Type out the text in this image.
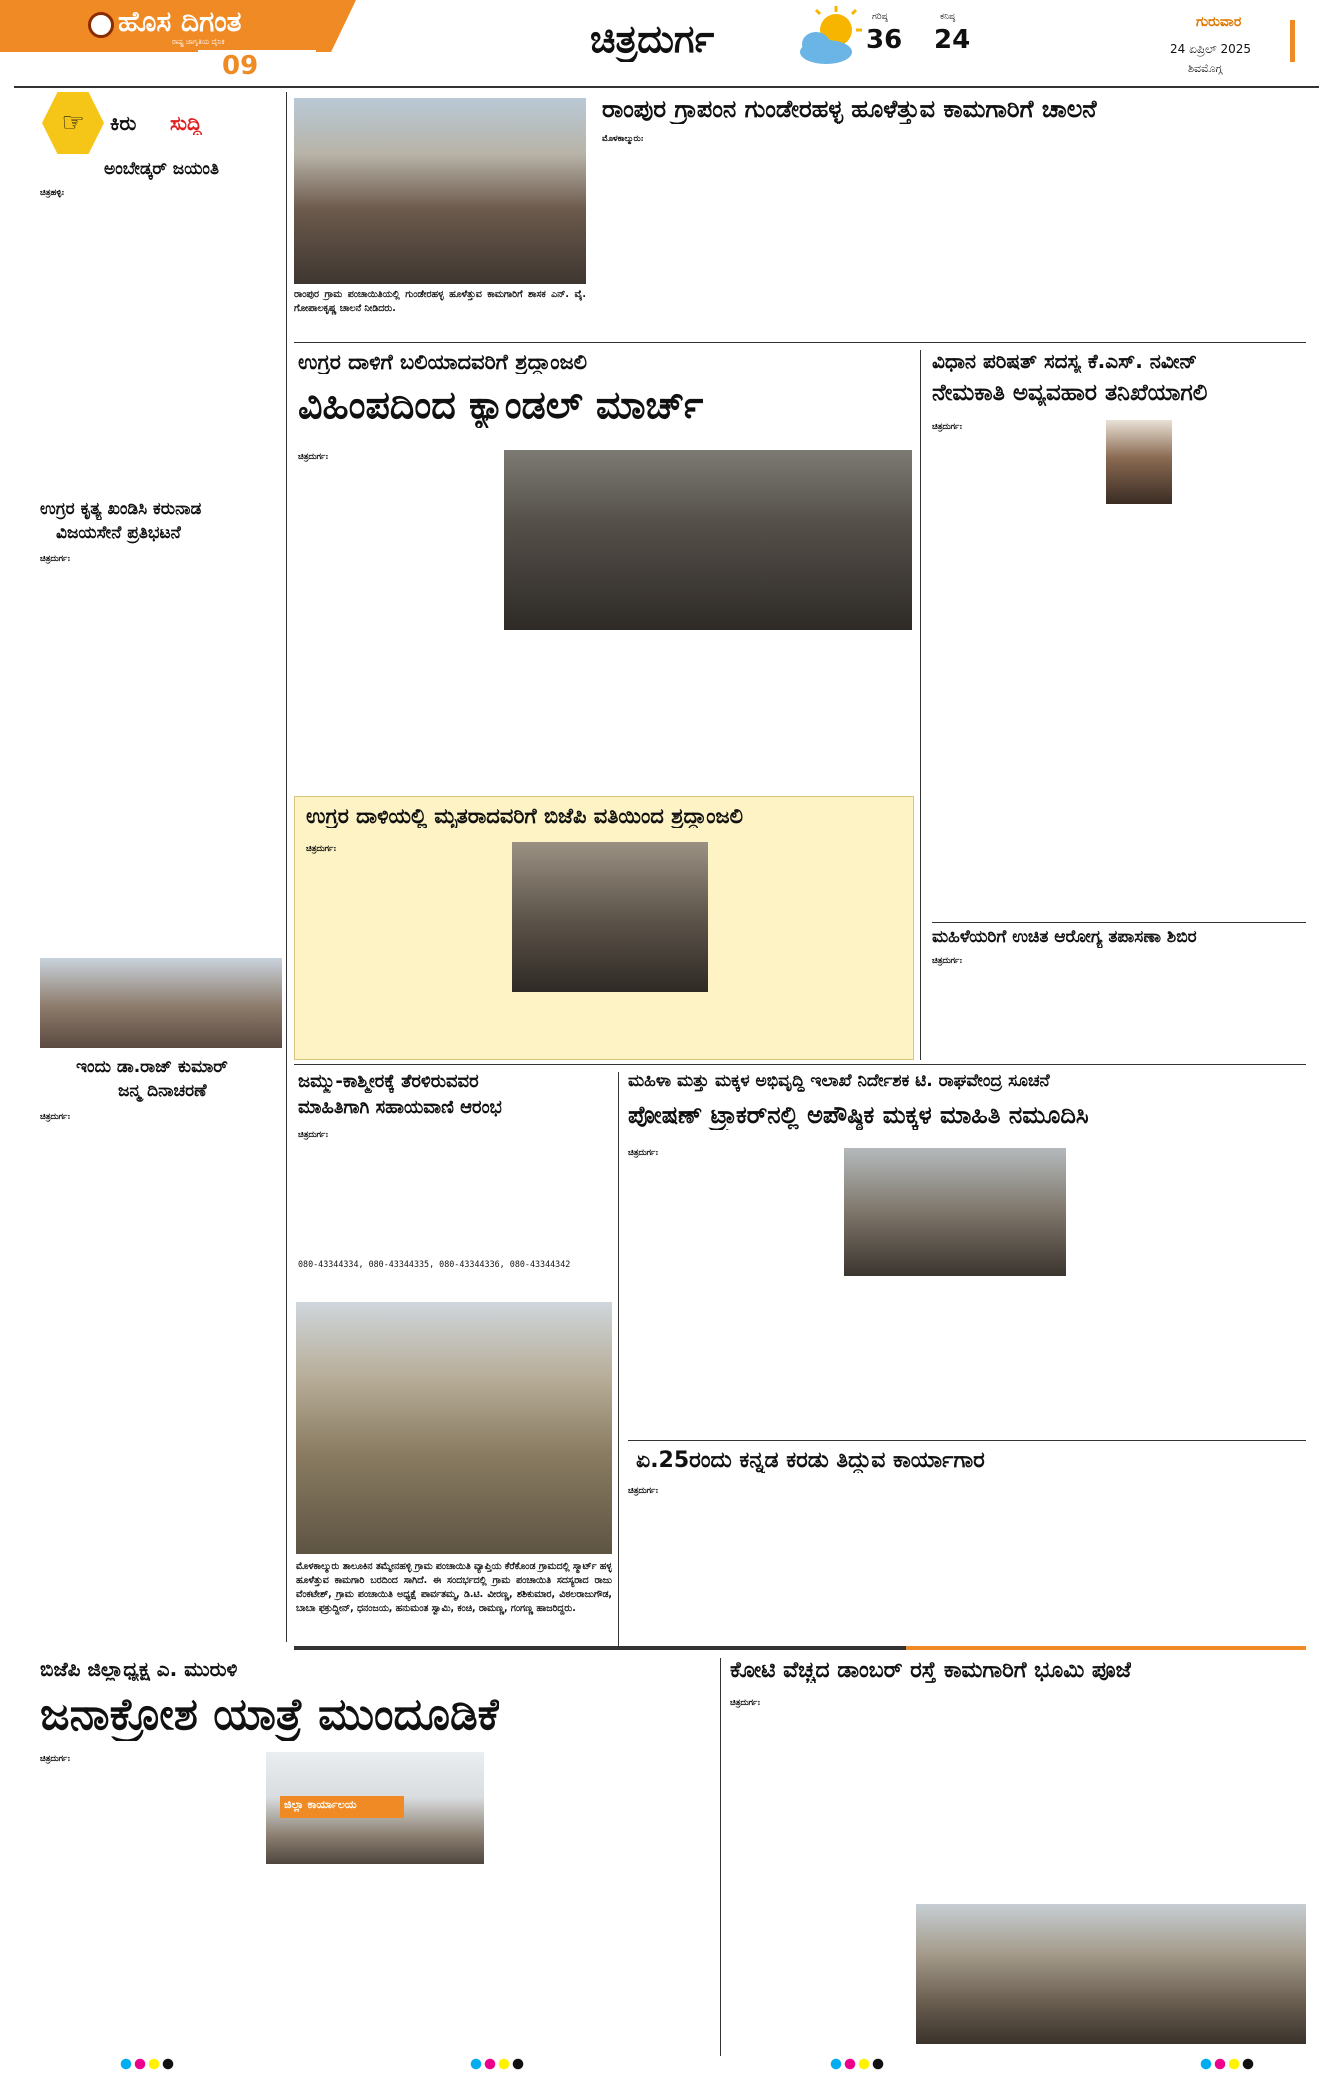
ಹೊಸ ದಿಗಂತ
ರಾಷ್ಟ್ರ ಜಾಗೃತಿಯ ದೈನಿಕ
09
ಚಿತ್ರದುರ್ಗ	ಗರಿಷ್ಠ
36
ಕನಿಷ್ಠ
24
ಗುರುವಾರ
24 ಏಪ್ರಿಲ್ 2025
ಶಿವಮೊಗ್ಗ
☞ ಕಿರು ಸುದ್ದಿ
ಅಂಬೇಡ್ಕರ್ ಜಯಂತಿ
ಚಿತ್ರಹಳ್ಳಿ:
ಉಗ್ರರ ಕೃತ್ಯ ಖಂಡಿಸಿ ಕರುನಾಡ
ವಿಜಯಸೇನೆ ಪ್ರತಿಭಟನೆ
ಚಿತ್ರದುರ್ಗ:
ಇಂದು ಡಾ.ರಾಜ್ ಕುಮಾರ್
ಜನ್ಮ ದಿನಾಚರಣೆ
ಚಿತ್ರದುರ್ಗ:
ರಾಂಪುರ ಗ್ರಾಮ ಪಂಚಾಯಿತಿಯಲ್ಲಿ ಗುಂಡೇರಹಳ್ಳ ಹೂಳೆತ್ತುವ ಕಾಮಗಾರಿಗೆ ಶಾಸಕ ಎನ್. ವೈ. ಗೋಪಾಲಕೃಷ್ಣ ಚಾಲನೆ ನೀಡಿದರು.
ರಾಂಪುರ ಗ್ರಾಪಂನ ಗುಂಡೇರಹಳ್ಳ ಹೂಳೆತ್ತುವ ಕಾಮಗಾರಿಗೆ ಚಾಲನೆ
ಮೊಳಕಾಲ್ಮುರು:
ಉಗ್ರರ ದಾಳಿಗೆ ಬಲಿಯಾದವರಿಗೆ ಶ್ರದ್ಧಾಂಜಲಿ
ವಿಹಿಂಪದಿಂದ ಕ್ಯಾಂಡಲ್ ಮಾರ್ಚ್
ಚಿತ್ರದುರ್ಗ:
ಉಗ್ರರ ದಾಳಿಯಲ್ಲಿ ಮೃತರಾದವರಿಗೆ ಬಿಜೆಪಿ ವತಿಯಿಂದ ಶ್ರದ್ಧಾಂಜಲಿ
ಚಿತ್ರದುರ್ಗ:
ವಿಧಾನ ಪರಿಷತ್ ಸದಸ್ಯ ಕೆ.ಎಸ್. ನವೀನ್
ನೇಮಕಾತಿ ಅವ್ಯವಹಾರ ತನಿಖೆಯಾಗಲಿ
ಚಿತ್ರದುರ್ಗ:
ಮಹಿಳೆಯರಿಗೆ ಉಚಿತ ಆರೋಗ್ಯ ತಪಾಸಣಾ ಶಿಬಿರ
ಚಿತ್ರದುರ್ಗ:
ಜಮ್ಮು-ಕಾಶ್ಮೀರಕ್ಕೆ ತೆರಳಿರುವವರ
ಮಾಹಿತಿಗಾಗಿ ಸಹಾಯವಾಣಿ ಆರಂಭ
ಚಿತ್ರದುರ್ಗ:
080-43344334, 080-43344335, 080-43344336, 080-43344342
ಮೊಳಕಾಲ್ಮುರು ತಾಲೂಕಿನ ತಮ್ಮೇನಹಳ್ಳಿ ಗ್ರಾಮ ಪಂಚಾಯಿತಿ ವ್ಯಾಪ್ತಿಯ ಕೆರೆಕೊಂಡ ಗ್ರಾಮದಲ್ಲಿ ಸ್ಮಾರ್ಟ್ ಹಳ್ಳ ಹೂಳೆತ್ತುವ ಕಾಮಗಾರಿ ಬರದಿಂದ ಸಾಗಿದೆ. ಈ ಸಂದರ್ಭದಲ್ಲಿ ಗ್ರಾಮ ಪಂಚಾಯಿತಿ ಸದಸ್ಯರಾದ ರಾಜು ವೆಂಕಟೇಶ್, ಗ್ರಾಮ ಪಂಚಾಯಿತಿ ಅಧ್ಯಕ್ಷೆ ಪಾರ್ವತಮ್ಮ, ಡಿ.ಟಿ. ವೀರಣ್ಣ, ಶಶಿಕುಮಾರ, ವಿಠಲರಾಜುಗೌಡ, ಬಾಬಾ ಫಕ್ರುದ್ದೀನ್, ಧನಂಜಯ, ಹನುಮಂತ ಸ್ವಾಮಿ, ಕಂಚಿ, ರಾಮಣ್ಣ, ಗಂಗಣ್ಣ ಹಾಜರಿದ್ದರು.
ಮಹಿಳಾ ಮತ್ತು ಮಕ್ಕಳ ಅಭಿವೃದ್ಧಿ ಇಲಾಖೆ ನಿರ್ದೇಶಕ ಟಿ. ರಾಘವೇಂದ್ರ ಸೂಚನೆ
ಪೋಷಣ್ ಟ್ರ್ಯಾಕರ್‌ನಲ್ಲಿ ಅಪೌಷ್ಠಿಕ ಮಕ್ಕಳ ಮಾಹಿತಿ ನಮೂದಿಸಿ
ಚಿತ್ರದುರ್ಗ:
ಏ.25ರಂದು ಕನ್ನಡ ಕರಡು ತಿದ್ದುವ ಕಾರ್ಯಾಗಾರ
ಚಿತ್ರದುರ್ಗ:
ಬಿಜೆಪಿ ಜಿಲ್ಲಾಧ್ಯಕ್ಷ ಎ. ಮುರುಳಿ
ಜನಾಕ್ರೋಶ ಯಾತ್ರೆ ಮುಂದೂಡಿಕೆ
ಚಿತ್ರದುರ್ಗ:
ಜಿಲ್ಲಾ ಕಾರ್ಯಾಲಯ
ಕೋಟಿ ವೆಚ್ಚದ ಡಾಂಬರ್ ರಸ್ತೆ ಕಾಮಗಾರಿಗೆ ಭೂಮಿ ಪೂಜೆ
ಚಿತ್ರದುರ್ಗ:
